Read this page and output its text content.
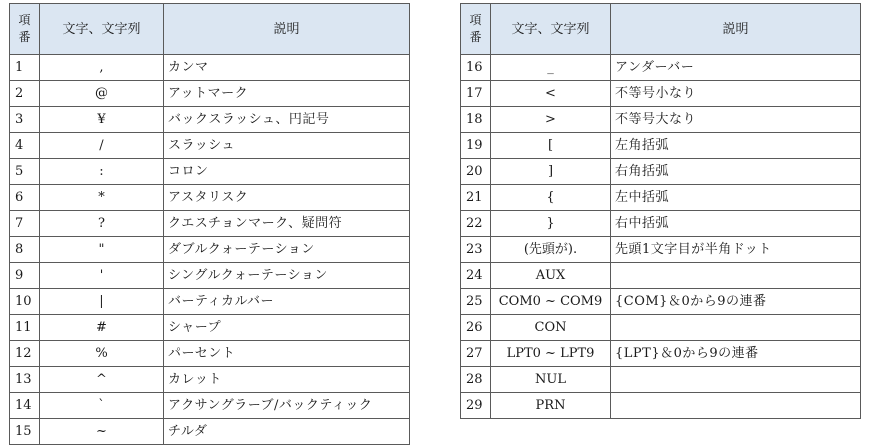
項
番	文字、文字列	説明
1	,	カンマ
2	@	アットマーク
3	¥	バックスラッシュ、円記号
4	/	スラッシュ
5	:	コロン
6	*	アスタリスク
7	?	クエスチョンマーク、疑問符
8	"	ダブルクォーテーション
9	'	シングルクォーテーション
10	|	バーティカルバー
11	#	シャープ
12	%	パーセント
13	^	カレット
14	`	アクサングラーブ/バックティック
15	~	チルダ
項
番	文字、文字列	説明
16	_	アンダーバー
17	<	不等号小なり
18	>	不等号大なり
19	[	左角括弧
20	]	右角括弧
21	{	左中括弧
22	}	右中括弧
23	(先頭が).	先頭1文字目が半角ドット
24	AUX	
25	COM0 ~ COM9	{COM}＆0から9の連番
26	CON	
27	LPT0 ~ LPT9	{LPT}＆0から9の連番
28	NUL	
29	PRN	
